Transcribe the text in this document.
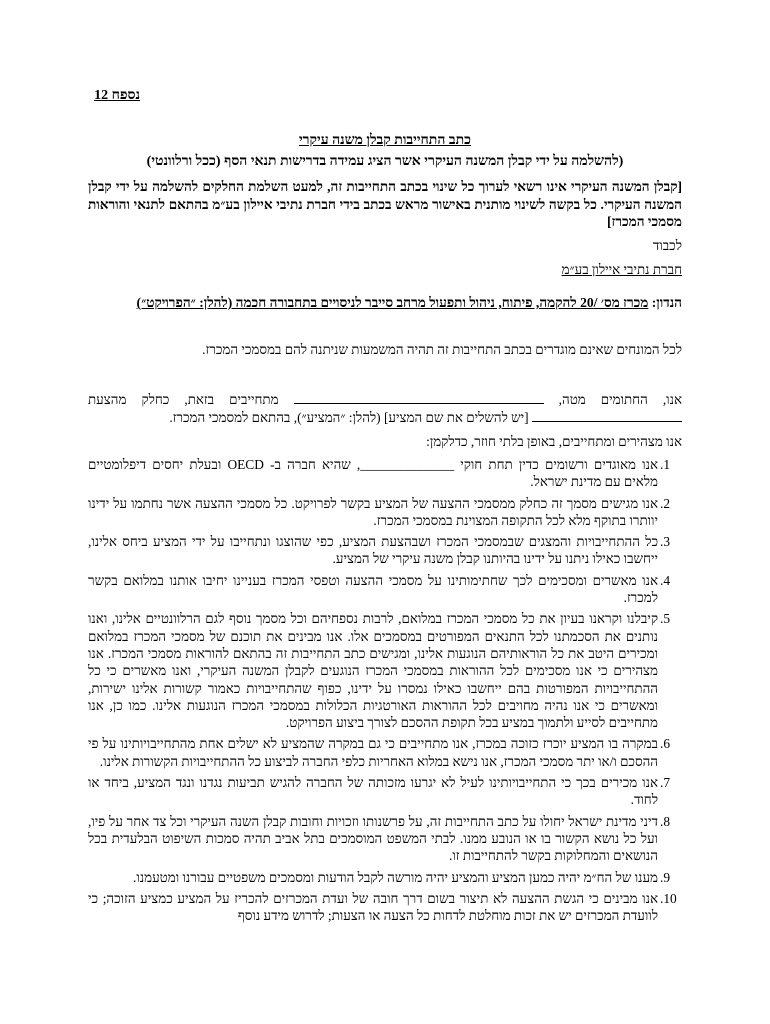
נספח 12
כתב התחייבות קבלן משנה עיקרי
(להשלמה על ידי קבלן המשנה העיקרי אשר הציג עמידה בדרישות תנאי הסף (ככל ורלוונטי)
[קבלן המשנה העיקרי אינו רשאי לערוך כל שינוי בכתב התחייבות זה, למעט השלמת החלקים להשלמה על ידי קבלן המשנה העיקרי. כל בקשה לשינוי מותנית באישור מראש בכתב בידי חברת נתיבי איילון בע״מ בהתאם לתנאי והוראות מסמכי המכרז]
לכבוד
חברת נתיבי איילון בע״מ
הנדון: מכרז מס׳ /20 להקמה, פיתוח, ניהול ותפעול מרחב סייבר לניסויים בתחבורה חכמה (להלן: ״הפרויקט״)
לכל המונחים שאינם מוגדרים בכתב התחייבות זה תהיה המשמעות שניתנה להם במסמכי המכרז.
אנו, החתומים מטה,  מתחייבים בזאת, כחלק מהצעת  [יש להשלים את שם המציע] (להלן: ״המציע״), בהתאם למסמכי המכרז.
אנו מצהירים ומתחייבים, באופן בלתי חוזר, כדלקמן:
1.
אנו מאוגדים ורשומים כדין תחת חוקי ______________, שהיא חברה ב- OECD ובעלת יחסים דיפלומטיים מלאים עם מדינת ישראל.
2.
אנו מגישים מסמך זה כחלק ממסמכי ההצעה של המציע בקשר לפרויקט. כל מסמכי ההצעה אשר נחתמו על ידינו יוותרו בתוקף מלא לכל התקופה המצוינת במסמכי המכרז.
3.
כל ההתחייבויות והמצגים שבמסמכי המכרז ושבהצעת המציע, כפי שהוצגו ונתחייבו על ידי המציע ביחס אלינו, ייחשבו כאילו ניתנו על ידינו בהיותנו קבלן משנה עיקרי של המציע.
4.
אנו מאשרים ומסכימים לכך שחתימותינו על מסמכי ההצעה וטפסי המכרז בעניינו יחיבו אותנו במלואם בקשר למכרז.
5.
קיבלנו וקראנו בעיון את כל מסמכי המכרז במלואם, לרבות נספחיהם וכל מסמך נוסף לגם הרלוונטיים אלינו, ואנו נותנים את הסכמתנו לכל התנאים המפורטים במסמכים אלו. אנו מבינים את תוכנם של מסמכי המכרז במלואם ומכירים היטב את כל הוראותיהם הנוגעות אלינו, ומגישים כתב התחייבות זה בהתאם להוראות מסמכי המכרז. אנו מצהירים כי אנו מסכימים לכל ההוראות במסמכי המכרז הנוגעים לקבלן המשנה העיקרי, ואנו מאשרים כי כל ההתחייבויות המפורטות בהם ייחשבו כאילו נמסרו על ידינו, כפוף שהתחייבויות כאמור קשורות אלינו ישירות, ומאשרים כי אנו נהיה מחויבים לכל ההוראות האורטגיות הכלולות במסמכי המכרז הנוגעות אלינו. כמו כן, אנו מתחייבים לסייע ולתמוך במציע בכל תקופת ההסכם לצורך ביצוע הפרויקט.
6.
במקרה בו המציע יוכרז כזוכה במכרז, אנו מתחייבים כי גם במקרה שהמציע לא ישלים אחת מהתחייבויותינו על פי ההסכם ו/או יתר מסמכי המכרז, אנו נישא במלוא האחריות כלפי החברה לביצוע כל ההתחייבויות הקשורות אלינו.
7.
אנו מכירים בכך כי התחייבויותינו לעיל לא יגרעו מזכותה של החברה להגיש תביעות נגדנו ונגד המציע, ביחד או לחוד.
8.
דיני מדינת ישראל יחולו על כתב התחייבות זה, על פרשנותו וזכויות וחובות קבלן השנה העיקרי וכל צד אחר על פיו, ועל כל נושא הקשור בו או הנובע ממנו. לבתי המשפט המוסמכים בתל אביב תהיה סמכות השיפוט הבלעדית בכל הנושאים והמחלוקות בקשר להתחייבות זו.
9.
מענו של הח״מ יהיה כמען המציע והמציע יהיה מורשה לקבל הודעות ומסמכים משפטיים עבורנו ומטעמנו.
10.
אנו מבינים כי הגשת ההצעה לא תיצור בשום דרך חובה של ועדת המכרזים להכריז על המציע כמציע הזוכה; כי לוועדת המכרזים יש את זכות מוחלטת לדחות כל הצעה או הצעות; לדרוש מידע נוסף
